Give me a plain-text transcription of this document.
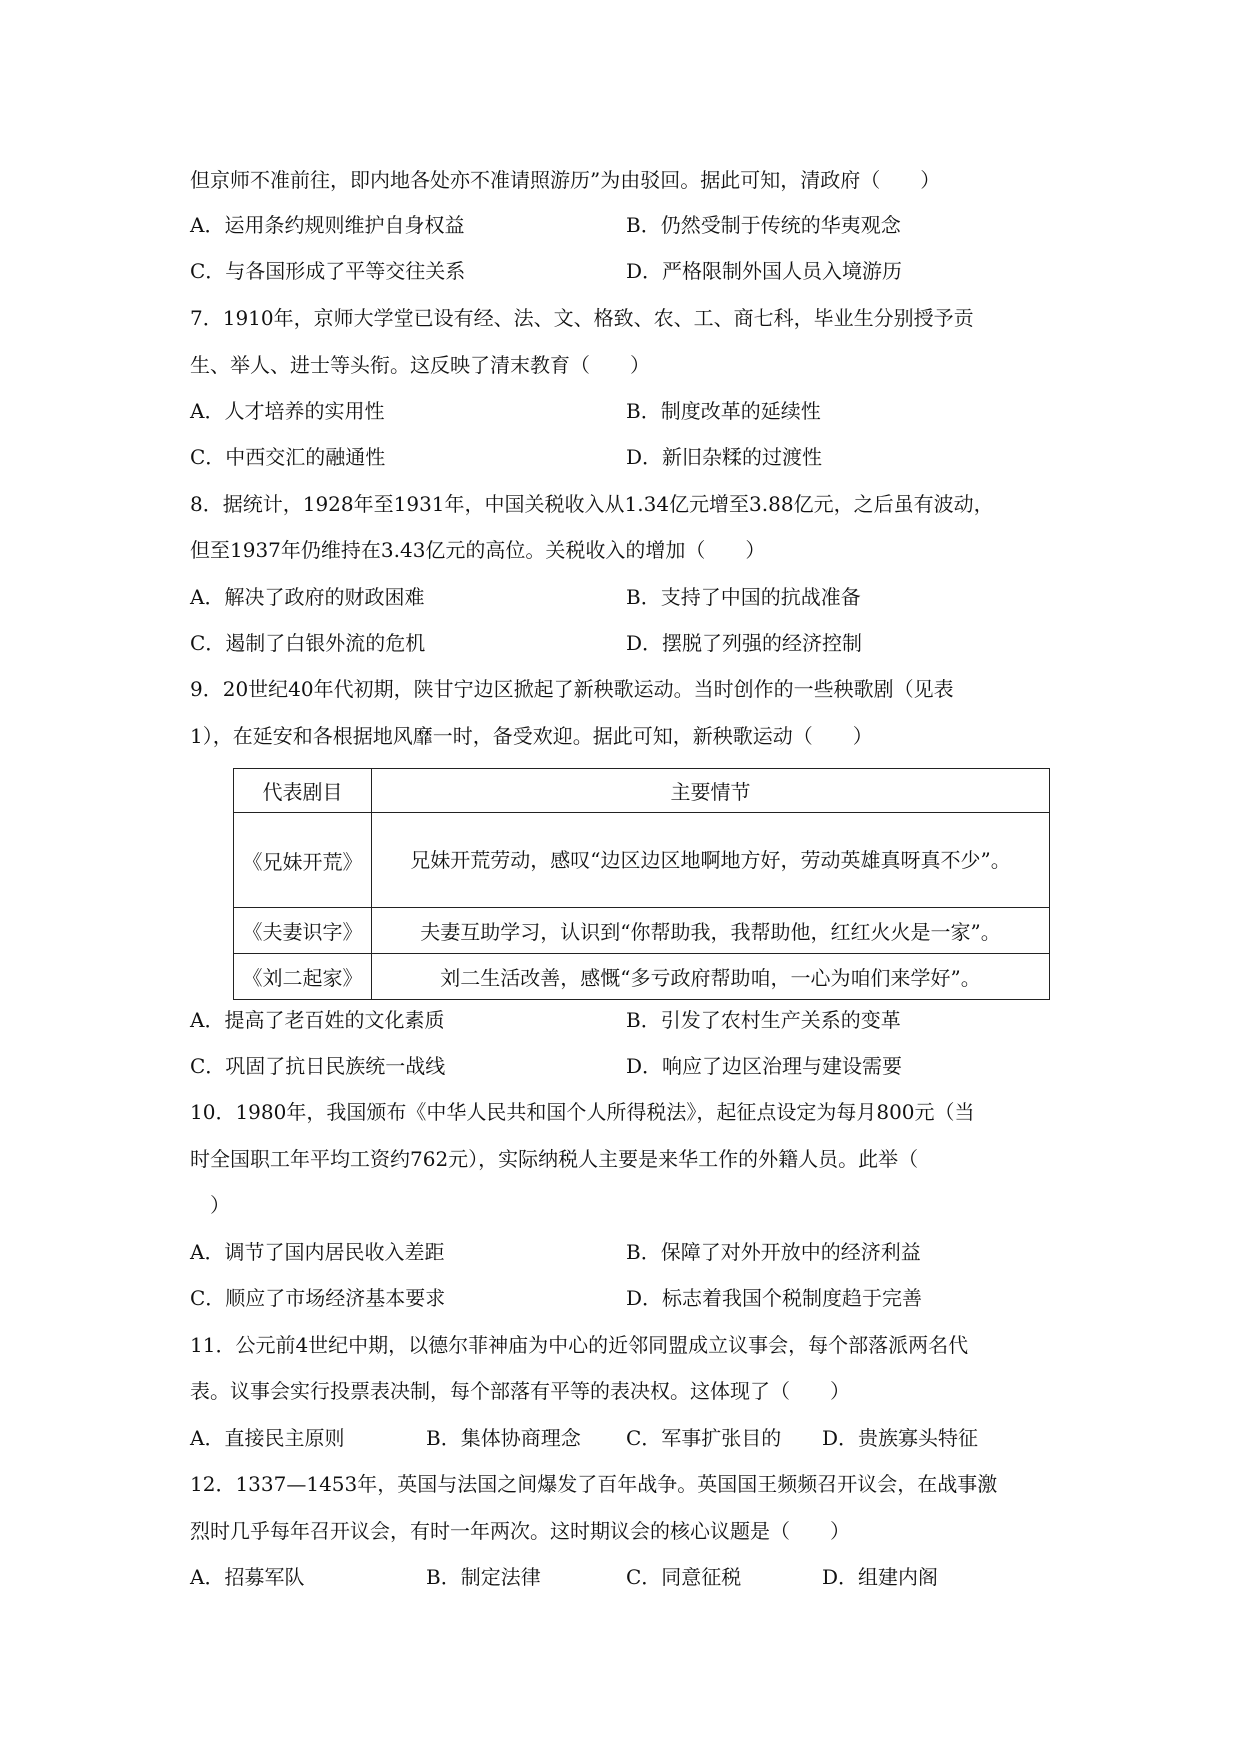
但京师不准前往，即内地各处亦不准请照游历”为由驳回。据此可知，清政府（　　）
A．运用条约规则维护自身权益	B．仍然受制于传统的华夷观念
C．与各国形成了平等交往关系	D．严格限制外国人员入境游历
7．1910年，京师大学堂已设有经、法、文、格致、农、工、商七科，毕业生分别授予贡
生、举人、进士等头衔。这反映了清末教育（　　）
A．人才培养的实用性	B．制度改革的延续性
C．中西交汇的融通性	D．新旧杂糅的过渡性
8．据统计，1928年至1931年，中国关税收入从1.34亿元增至3.88亿元，之后虽有波动，
但至1937年仍维持在3.43亿元的高位。关税收入的增加（　　）
A．解决了政府的财政困难	B．支持了中国的抗战准备
C．遏制了白银外流的危机	D．摆脱了列强的经济控制
9．20世纪40年代初期，陕甘宁边区掀起了新秧歌运动。当时创作的一些秧歌剧（见表
1），在延安和各根据地风靡一时，备受欢迎。据此可知，新秧歌运动（　　）
代表剧目	主要情节
《兄妹开荒》	兄妹开荒劳动，感叹“边区边区地啊地方好，劳动英雄真呀真不少”。
《夫妻识字》	夫妻互助学习，认识到“你帮助我，我帮助他，红红火火是一家”。
《刘二起家》	刘二生活改善，感慨“多亏政府帮助咱，一心为咱们来学好”。
A．提高了老百姓的文化素质	B．引发了农村生产关系的变革
C．巩固了抗日民族统一战线	D．响应了边区治理与建设需要
10．1980年，我国颁布《中华人民共和国个人所得税法》，起征点设定为每月800元（当
时全国职工年平均工资约762元），实际纳税人主要是来华工作的外籍人员。此举（
）
A．调节了国内居民收入差距	B．保障了对外开放中的经济利益
C．顺应了市场经济基本要求	D．标志着我国个税制度趋于完善
11．公元前4世纪中期，以德尔菲神庙为中心的近邻同盟成立议事会，每个部落派两名代
表。议事会实行投票表决制，每个部落有平等的表决权。这体现了（　　）
A．直接民主原则	B．集体协商理念 C．军事扩张目的 D．贵族寡头特征
12．1337—1453年，英国与法国之间爆发了百年战争。英国国王频频召开议会，在战事激
烈时几乎每年召开议会，有时一年两次。这时期议会的核心议题是（　　）
A．招募军队	B．制定法律	C．同意征税	D．组建内阁
